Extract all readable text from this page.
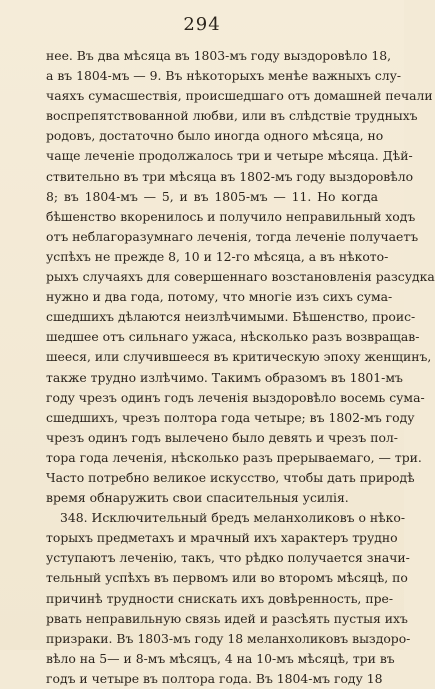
294
нее. Въ два мѣсяца въ 1803-мъ году выздоровѣло 18,
а въ 1804-мъ — 9. Въ нѣкоторыхъ менѣе важныхъ слу-
чаяхъ сумасшествія, происшедшаго отъ домашней печали
воспрепятствованной любви, или въ слѣдствіе трудныхъ
родовъ, достаточно было иногда одного мѣсяца, но
чаще леченіе продолжалось три и четыре мѣсяца. Дѣй-
ствительно въ три мѣсяца въ 1802-мъ году выздоровѣло
8; въ 1804-мъ — 5, и въ 1805-мъ — 11. Но когда
бѣшенство вкоренилось и получило неправильный ходъ
отъ неблагоразумнаго леченія, тогда леченіе получаетъ
успѣхъ не прежде 8, 10 и 12-го мѣсяца, а въ нѣкото-
рыхъ случаяхъ для совершеннаго возстановленія разсудка
нужно и два года, потому, что многіе изъ сихъ сума-
сшедшихъ дѣлаются неизлѣчимыми. Бѣшенство, проис-
шедшее отъ сильнаго ужаса, нѣсколько разъ возвращав-
шееся, или случившееся въ критическую эпоху женщинъ,
также трудно излѣчимо. Такимъ образомъ въ 1801-мъ
году чрезъ одинъ годъ леченія выздоровѣло восемь сума-
сшедшихъ, чрезъ полтора года четыре; въ 1802-мъ году
чрезъ одинъ годъ вылечено было девять и чрезъ пол-
тора года леченія, нѣсколько разъ прерываемаго, — три.
Часто потребно великое искусство, чтобы дать природѣ
время обнаружить свои спасительныя усилія.
348. Исключительный бредъ меланхоликовъ о нѣко-
торыхъ предметахъ и мрачный ихъ характеръ трудно
уступаютъ леченію, такъ, что рѣдко получается значи-
тельный успѣхъ въ первомъ или во второмъ мѣсяцѣ, по
причинѣ трудности снискать ихъ довѣренность, пре-
рвать неправильную связь идей и разсѣять пустыя ихъ
призраки. Въ 1803-мъ году 18 меланхоликовъ выздоро-
вѣло на 5— и 8-мъ мѣсяцъ, 4 на 10-мъ мѣсяцѣ, три въ
годъ и четыре въ полтора года. Въ 1804-мъ году 18
